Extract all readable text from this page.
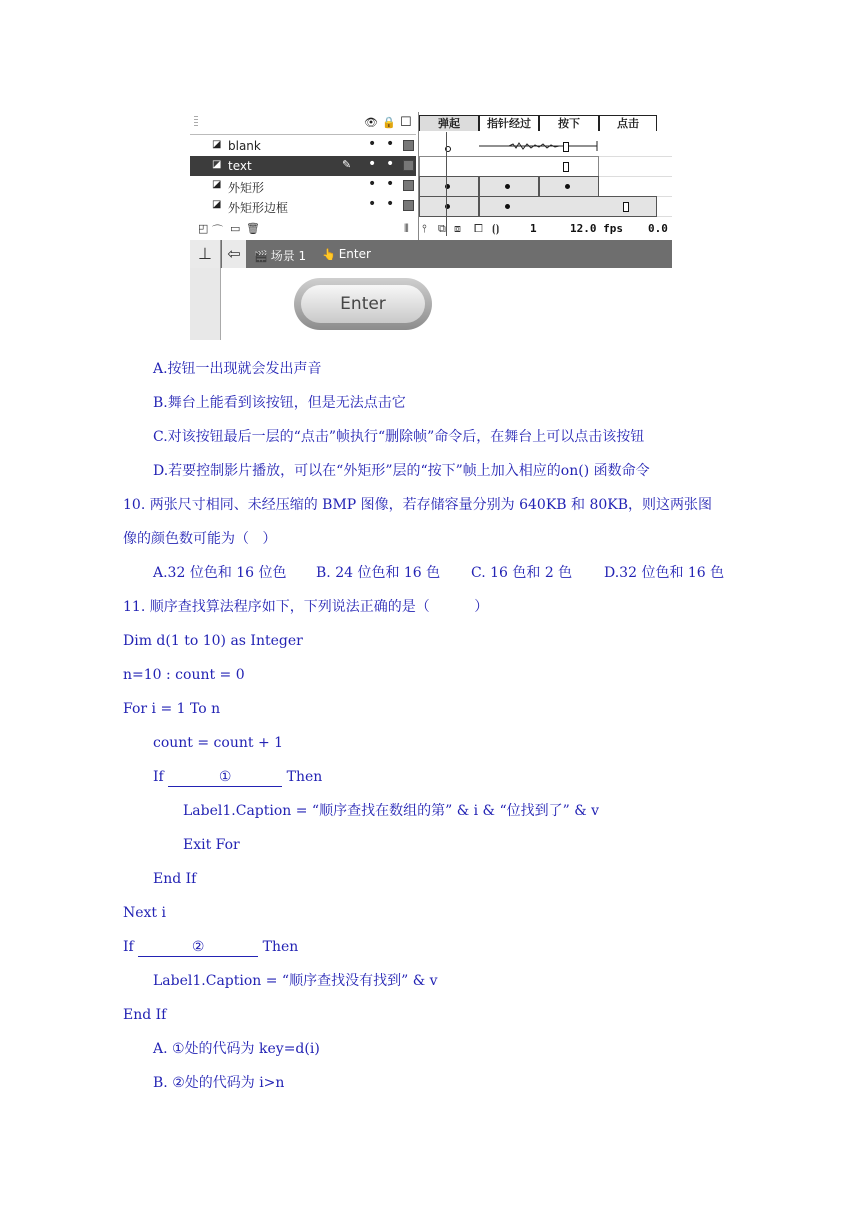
👁 🔒 ☐
◪ blank	• •
◪ text	✎ • •
◪ 外矩形	• •
◪ 外矩形边框	• •
弹起	指针经过	按下	点击
◰ ⌒ ▭ 🗑	⦀ ⫯ ⧉ ⧈ ⧠ ⦗⦘	1	12.0 fps 0.0
⊥ ⇦	🎬 场景 1 👆 Enter
Enter
A.按钮一出现就会发出声音
B.舞台上能看到该按钮，但是无法点击它
C.对该按钮最后一层的“点击”帧执行“删除帧”命令后，在舞台上可以点击该按钮
D.若要控制影片播放，可以在“外矩形”层的“按下”帧上加入相应的on() 函数命令
10. 两张尺寸相同、未经压缩的 BMP 图像，若存储容量分别为 640KB 和 80KB，则这两张图
像的颜色数可能为（   ）
A.32 位色和 16 位色 B. 24 位色和 16 色 C. 16 色和 2 色 D.32 位色和 16 色
11. 顺序查找算法程序如下，下列说法正确的是（          ）
Dim d(1 to 10) as Integer
n=10 : count = 0
For i = 1 To n
count = count + 1
If	①	Then
Label1.Caption = “顺序查找在数组的第” & i & “位找到了” & v
Exit For
End If
Next i
If	②	Then
Label1.Caption = “顺序查找没有找到” & v
End If
A. ①处的代码为 key=d(i)
B. ②处的代码为 i>n
